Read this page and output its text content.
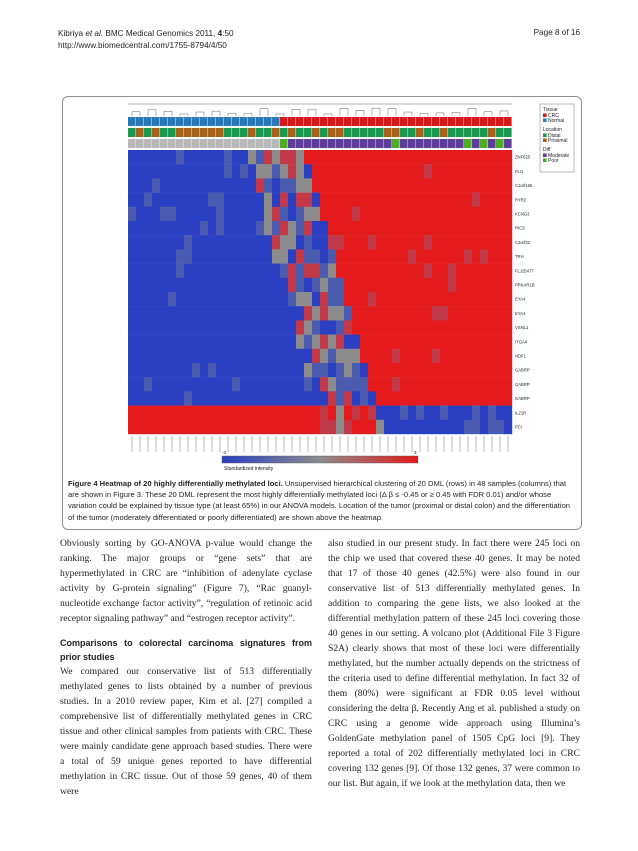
Kibriya et al. BMC Medical Genomics 2011, 4:50
http://www.biomedcentral.com/1755-8794/4/50
Page 8 of 16
ZNF625
FLI1
C1orf165
RYR2
KCNG3
RIC3
C2orf32
TRH
FLJ25477
PRKAR1B
EYA4
EYA4
VSNL1
ITGA4
NDF1
GABRP
GABRP
GABRP
IL21R
PCI
Tissue
CRC
Normal
Location
Distal
Proximal
Diff
Moderate
Poor
Standardized intensity
-3	3
Figure 4 Heatmap of 20 highly differentially methylated loci. Unsupervised hierarchical clustering of 20 DML (rows) in 48 samples (columns) that are shown in Figure 3. These 20 DML represent the most highly differentially methylated loci (Δ β ≤ -0.45 or ≥ 0.45 with FDR 0.01) and/or whose variation could be explained by tissue type (at least 65%) in our ANOVA models. Location of the tumor (proximal or distal colon) and the differentiation of the tumor (moderately differentiated or poorly differentiated) are shown above the heatmap.

Obviously sorting by GO-ANOVA p-value would change the ranking. The major groups or “gene sets” that are hypermethylated in CRC are “inhibition of adenylate cyclase activity by G-protein signaling” (Figure 7), “Rac guanyl-nucleotide exchange factor activity”, “regulation of retinoic acid receptor signaling pathway” and “estrogen receptor activity”.

Comparisons to colorectal carcinoma signatures from prior studies

We compared our conservative list of 513 differentially methylated genes to lists obtained by a number of previous studies. In a 2010 review paper, Kim et al. [27] compiled a comprehensive list of differentially methylated genes in CRC tissue and other clinical samples from patients with CRC. These were mainly candidate gene approach based studies. There were a total of 59 unique genes reported to have differential methylation in CRC tissue. Out of those 59 genes, 40 of them were

also studied in our present study. In fact there were 245 loci on the chip we used that covered these 40 genes. It may be noted that 17 of those 40 genes (42.5%) were also found in our conservative list of 513 differentially methylated genes. In addition to comparing the gene lists, we also looked at the differential methylation pattern of these 245 loci covering those 40 genes in our setting. A volcano plot (Additional File 3 Figure S2A) clearly shows that most of these loci were differentially methylated, but the number actually depends on the strictness of the criteria used to define differential methylation. In fact 32 of them (80%) were significant at FDR 0.05 level without considering the delta β. Recently Ang et al. published a study on CRC using a genome wide approach using Illumina’s GoldenGate methylation panel of 1505 CpG loci [9]. They reported a total of 202 differentially methylated loci in CRC covering 132 genes [9]. Of those 132 genes, 37 were common to our list. But again, if we look at the methylation data, then we
